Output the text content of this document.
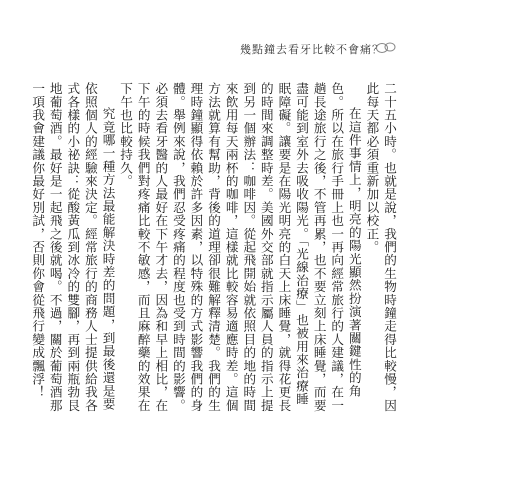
幾點鐘去看牙比較不會痛？

二十五小時。也就是說，我們的生物時鐘走得比較慢，因此每天都必須重新加以校正。

在這件事情上，明亮的陽光顯然扮演著關鍵性的角色。所以在旅行手冊上也一再向經常旅行的人建議，在一趟長途旅行之後，不管再累，也不要立刻上床睡覺，而要盡可能到室外去吸收陽光。「光線治療」也被用來治療睡眠障礙。讓要是在陽光明亮的白天上床睡覺，就得花更長的時間來調整時差。美國外交部就指示屬人員的指示上提到另一個辦法：咖啡因。從起飛開始就依照目的地的時間來飲用每天兩杯的咖啡，這樣就比較容易適應時差。這個方法就算有幫助，背後的道理卻很難解釋清楚。我們的生理時鐘顯得依賴於許多因素，以特殊的方式影響我們的身體。舉例來說，我們忍受疼痛的程度也受到時間的影響。必須去看牙醫的人最好在下午才去，因為和早上相比，在下午的時候我們對疼痛比較不敏感，而且麻醉藥的效果在下午也比較持久。

究竟哪一種方法最能解決時差的問題，到最後還是要依照個人的經驗來決定。經常旅行的商務人士提供給我各式各樣的小祕訣：從酸黃瓜到冰冷的雙腳，再到兩瓶勃艮地葡萄酒。最好是一起飛之後就喝。不過，關於葡萄酒那一項我會建議你最好別試，否則你會從飛行變成飄浮！
